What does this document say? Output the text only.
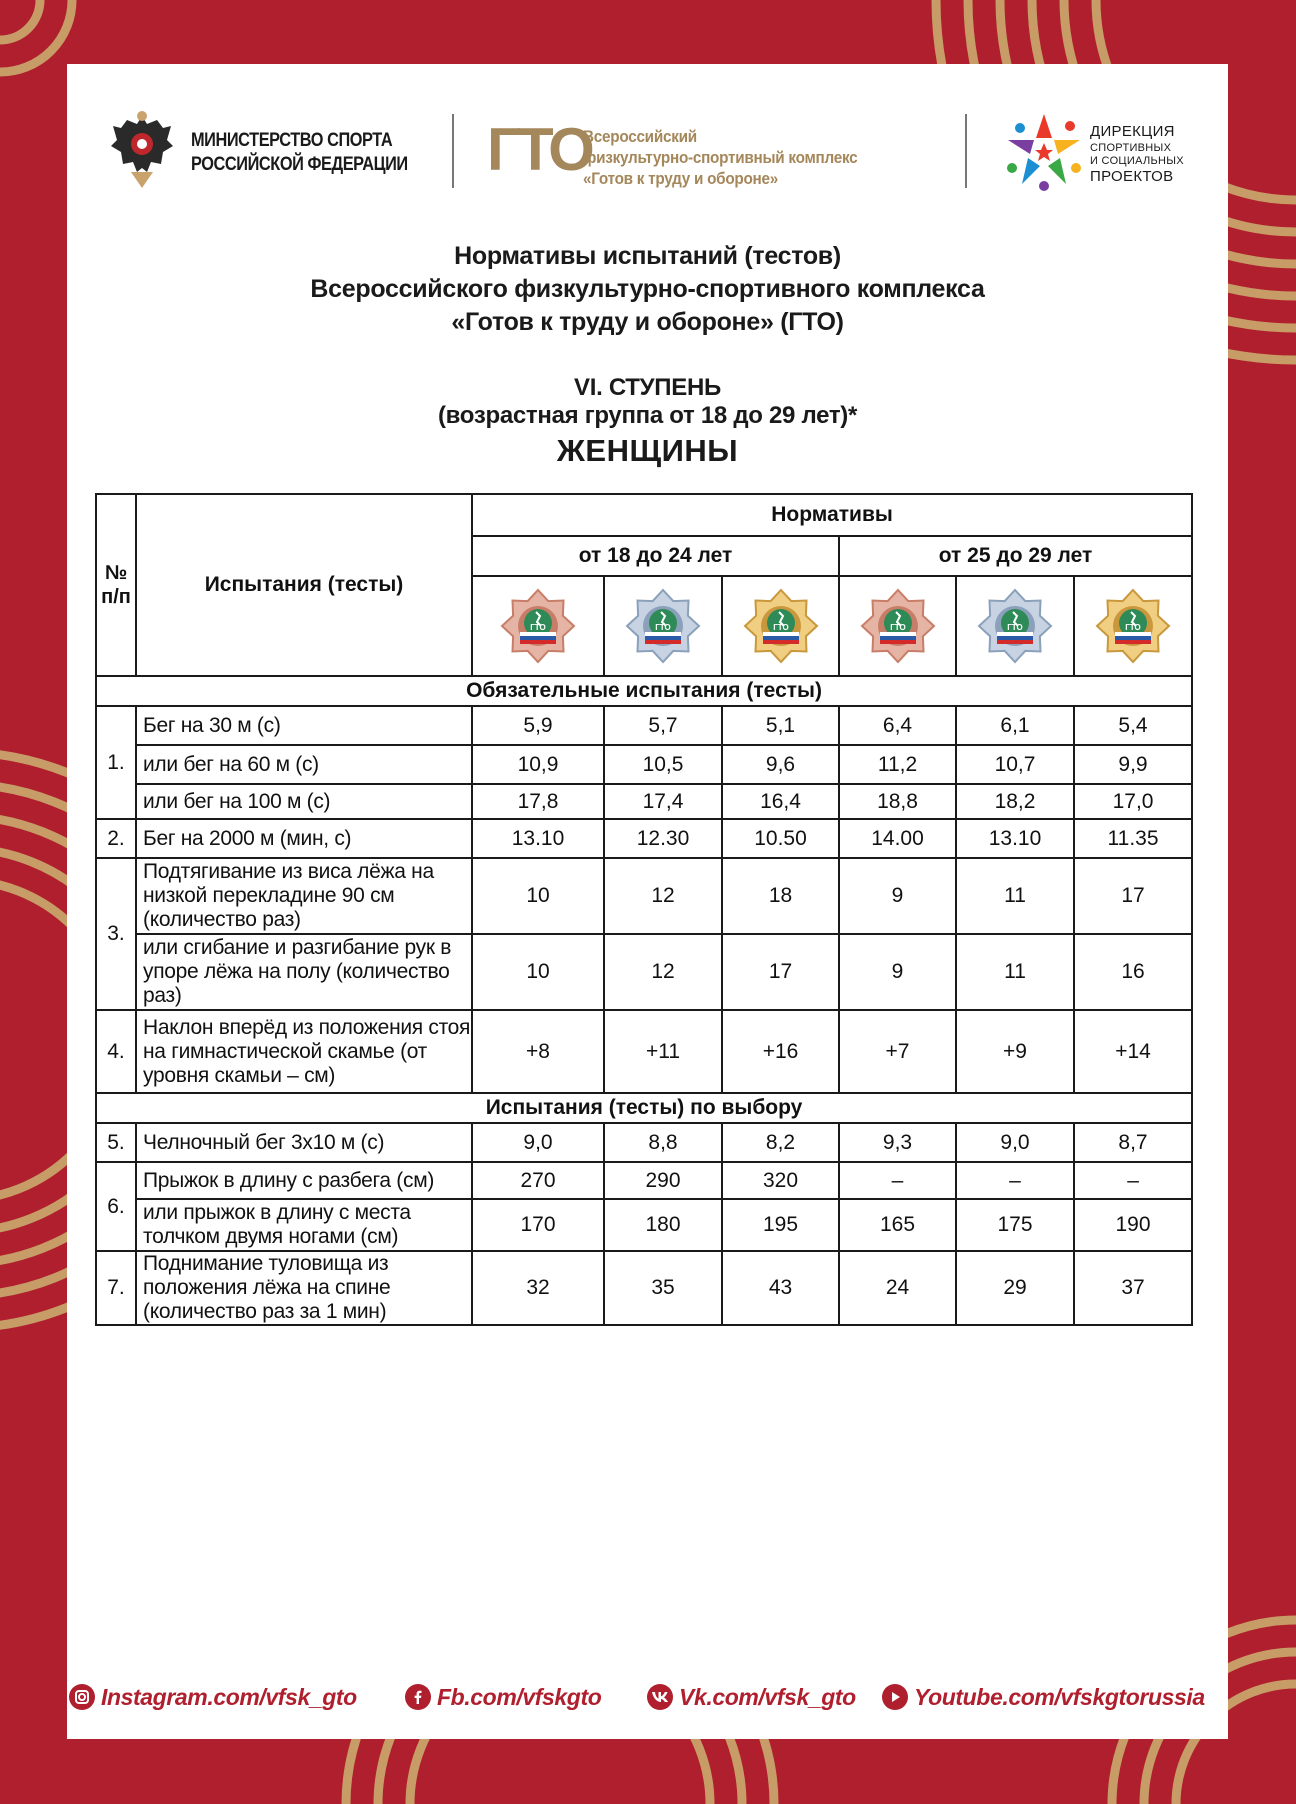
МИНИСТЕРСТВО СПОРТА
РОССИЙСКОЙ ФЕДЕРАЦИИ ГТО
Всероссийский
физкультурно-спортивный комплекс
«Готов к труду и обороне»
ДИРЕКЦИЯ
СПОРТИВНЫХ
И СОЦИАЛЬНЫХ
ПРОЕКТОВ
Нормативы испытаний (тестов)
Всероссийского физкультурно-спортивного комплекса
«Готов к труду и обороне» (ГТО)
VI. СТУПЕНЬ
(возрастная группа от 18 до 29 лет)*
ЖЕНЩИНЫ
№ п/п	Испытания (тесты)	Нормативы					
		от 18 до 24 лет			от 25 до 29 лет		

ГТО	ГТО	ГТО	ГТО	ГТО	ГТО

Обязательные испытания (тесты)							
1.	Бег на 30 м (с)	5,9	5,7	5,1	6,4	6,1	5,4
	или бег на 60 м (с)	10,9	10,5	9,6	11,2	10,7	9,9
	или бег на 100 м (с)	17,8	17,4	16,4	18,8	18,2	17,0
2.	Бег на 2000 м (мин, с)	13.10	12.30	10.50	14.00	13.10	11.35
3.	Подтягивание из виса лёжа на низкой перекладине 90 см (количество раз)	10	12	18	9	11	17
	или сгибание и разгибание рук в упоре лёжа на полу (количество раз)	10	12	17	9	11	16
4.	Наклон вперёд из положения стоя на гимнастической скамье (от уровня скамьи – см)	+8	+11	+16	+7	+9	+14
Испытания (тесты) по выбору							
5.	Челночный бег 3х10 м (с)	9,0	8,8	8,2	9,3	9,0	8,7
6.	Прыжок в длину с разбега (см)	270	290	320	–	–	–
	или прыжок в длину с места толчком двумя ногами (см)	170	180	195	165	175	190
7.	Поднимание туловища из положения лёжа на спине (количество раз за 1 мин)	32	35	43	24	29	37
Instagram.com/vfsk_gto	Fb.com/vfskgto	Vk.com/vfsk_gto	Youtube.com/vfskgtorussia
